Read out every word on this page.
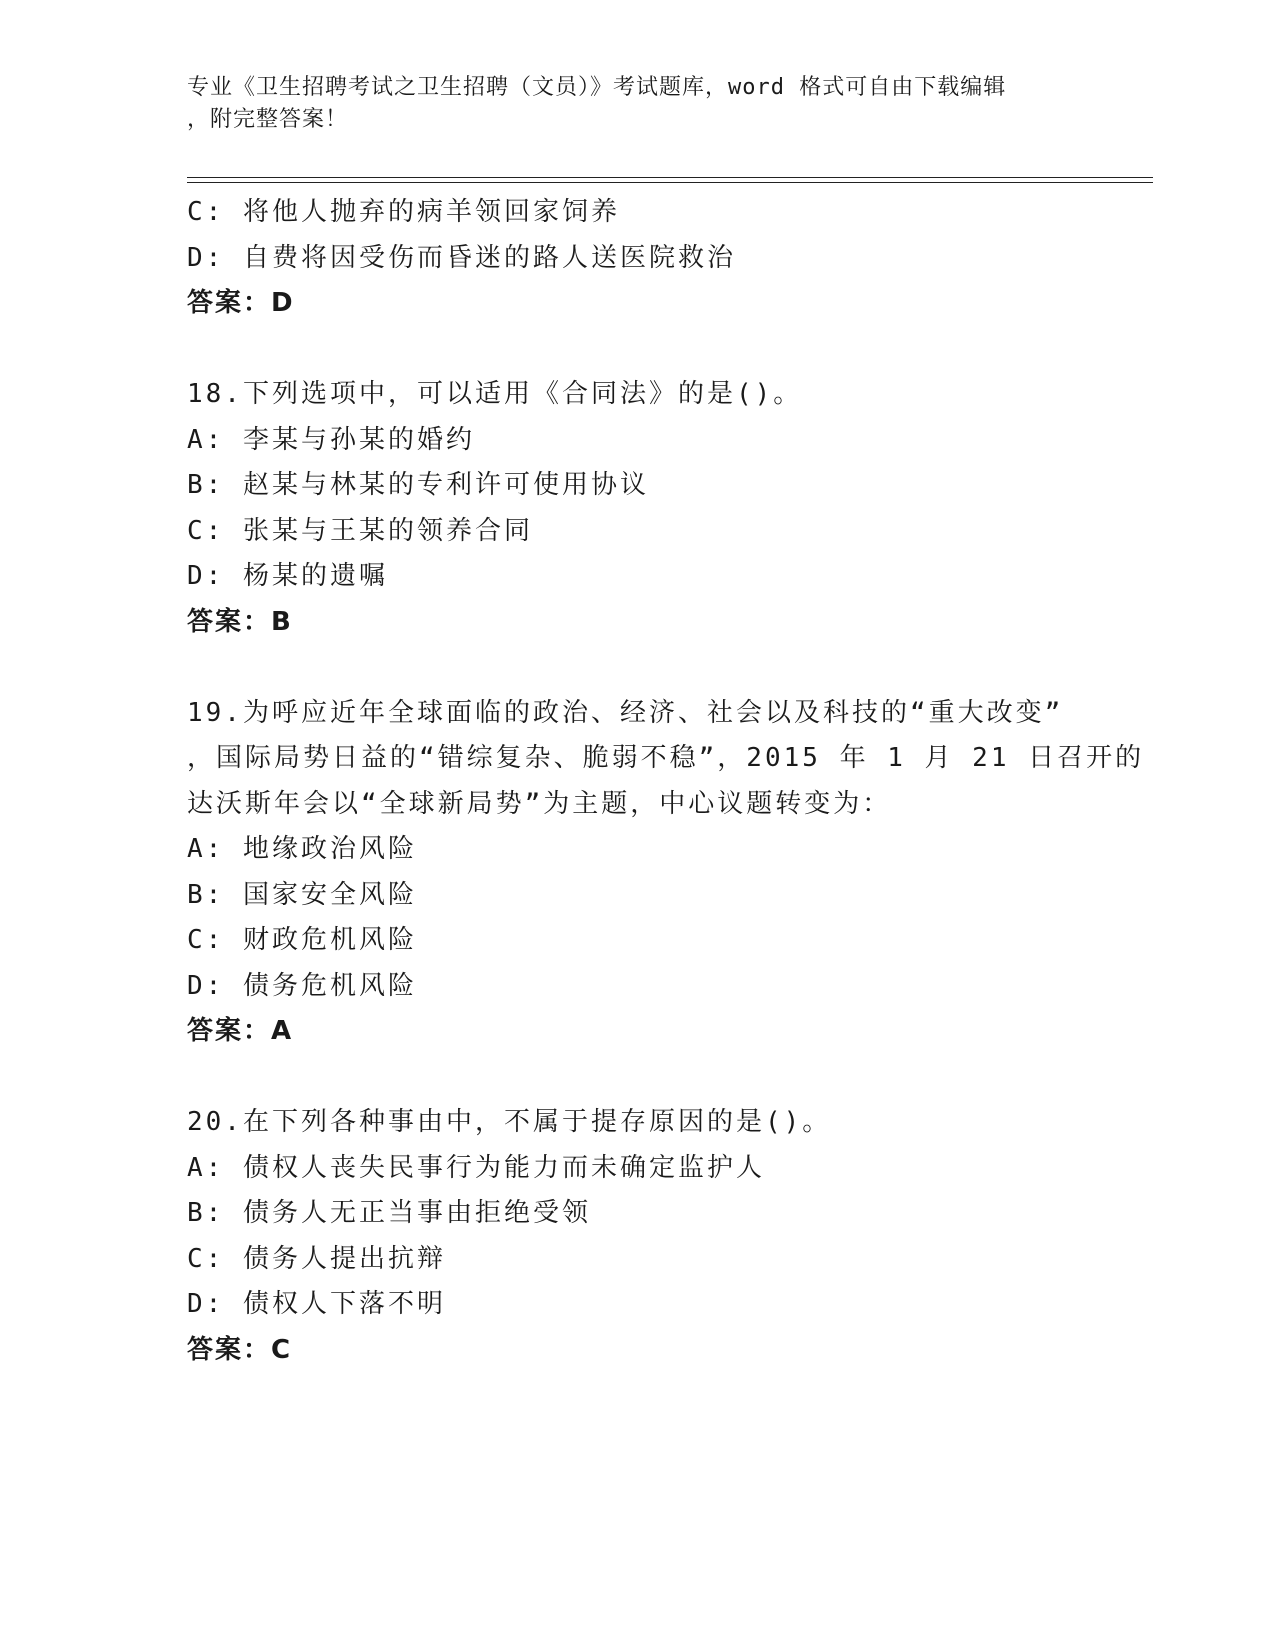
专业《卫生招聘考试之卫生招聘（文员）》考试题库，word 格式可自由下载编辑
，附完整答案！
C: 将他人抛弃的病羊领回家饲养
D: 自费将因受伤而昏迷的路人送医院救治
答案：D
18.下列选项中，可以适用《合同法》的是()。
A: 李某与孙某的婚约
B: 赵某与林某的专利许可使用协议
C: 张某与王某的领养合同
D: 杨某的遗嘱
答案：B
19.为呼应近年全球面临的政治、经济、社会以及科技的“重大改变”
，国际局势日益的“错综复杂、脆弱不稳”，2015 年 1 月 21 日召开的
达沃斯年会以“全球新局势”为主题，中心议题转变为：
A: 地缘政治风险
B: 国家安全风险
C: 财政危机风险
D: 债务危机风险
答案：A
20.在下列各种事由中，不属于提存原因的是()。
A: 债权人丧失民事行为能力而未确定监护人
B: 债务人无正当事由拒绝受领
C: 债务人提出抗辩
D: 债权人下落不明
答案：C
